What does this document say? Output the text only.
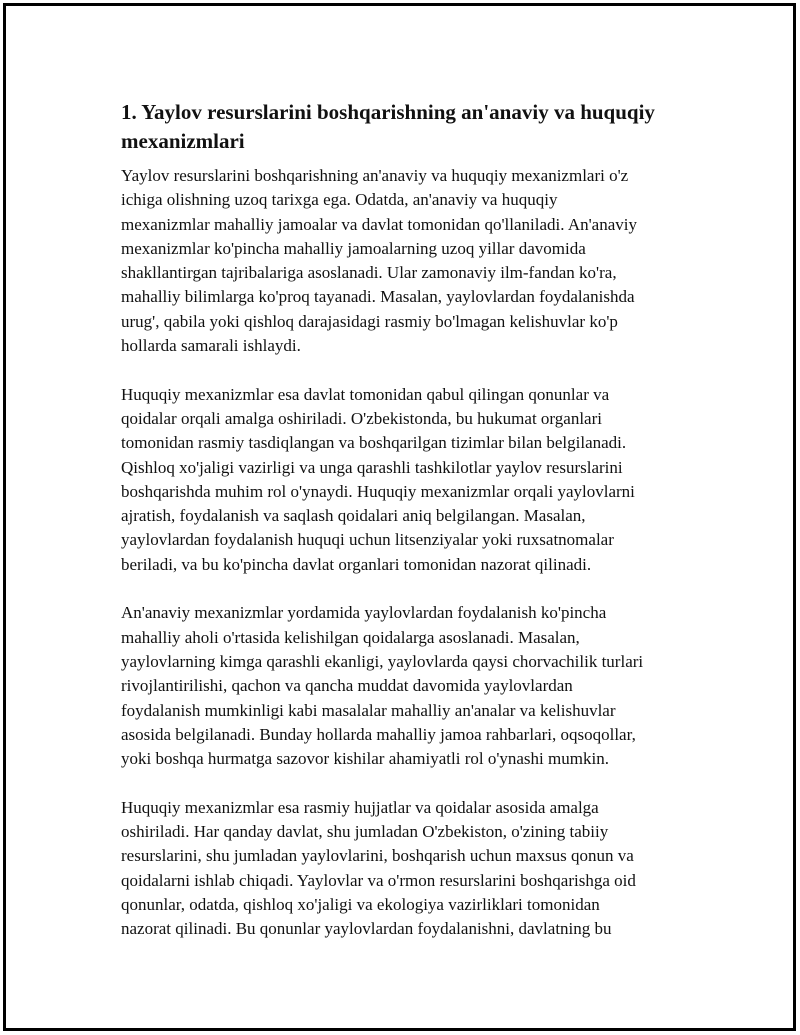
1. Yaylov resurslarini boshqarishning an'anaviy va huquqiy
mexanizmlari

Yaylov resurslarini boshqarishning an'anaviy va huquqiy mexanizmlari o'z
ichiga olishning uzoq tarixga ega. Odatda, an'anaviy va huquqiy
mexanizmlar mahalliy jamoalar va davlat tomonidan qo'llaniladi. An'anaviy
mexanizmlar ko'pincha mahalliy jamoalarning uzoq yillar davomida
shakllantirgan tajribalariga asoslanadi. Ular zamonaviy ilm-fandan ko'ra,
mahalliy bilimlarga ko'proq tayanadi. Masalan, yaylovlardan foydalanishda
urug', qabila yoki qishloq darajasidagi rasmiy bo'lmagan kelishuvlar ko'p
hollarda samarali ishlaydi.

Huquqiy mexanizmlar esa davlat tomonidan qabul qilingan qonunlar va
qoidalar orqali amalga oshiriladi. O'zbekistonda, bu hukumat organlari
tomonidan rasmiy tasdiqlangan va boshqarilgan tizimlar bilan belgilanadi.
Qishloq xo'jaligi vazirligi va unga qarashli tashkilotlar yaylov resurslarini
boshqarishda muhim rol o'ynaydi. Huquqiy mexanizmlar orqali yaylovlarni
ajratish, foydalanish va saqlash qoidalari aniq belgilangan. Masalan,
yaylovlardan foydalanish huquqi uchun litsenziyalar yoki ruxsatnomalar
beriladi, va bu ko'pincha davlat organlari tomonidan nazorat qilinadi.

An'anaviy mexanizmlar yordamida yaylovlardan foydalanish ko'pincha
mahalliy aholi o'rtasida kelishilgan qoidalarga asoslanadi. Masalan,
yaylovlarning kimga qarashli ekanligi, yaylovlarda qaysi chorvachilik turlari
rivojlantirilishi, qachon va qancha muddat davomida yaylovlardan
foydalanish mumkinligi kabi masalalar mahalliy an'analar va kelishuvlar
asosida belgilanadi. Bunday hollarda mahalliy jamoa rahbarlari, oqsoqollar,
yoki boshqa hurmatga sazovor kishilar ahamiyatli rol o'ynashi mumkin.

Huquqiy mexanizmlar esa rasmiy hujjatlar va qoidalar asosida amalga
oshiriladi. Har qanday davlat, shu jumladan O'zbekiston, o'zining tabiiy
resurslarini, shu jumladan yaylovlarini, boshqarish uchun maxsus qonun va
qoidalarni ishlab chiqadi. Yaylovlar va o'rmon resurslarini boshqarishga oid
qonunlar, odatda, qishloq xo'jaligi va ekologiya vazirliklari tomonidan
nazorat qilinadi. Bu qonunlar yaylovlardan foydalanishni, davlatning bu
